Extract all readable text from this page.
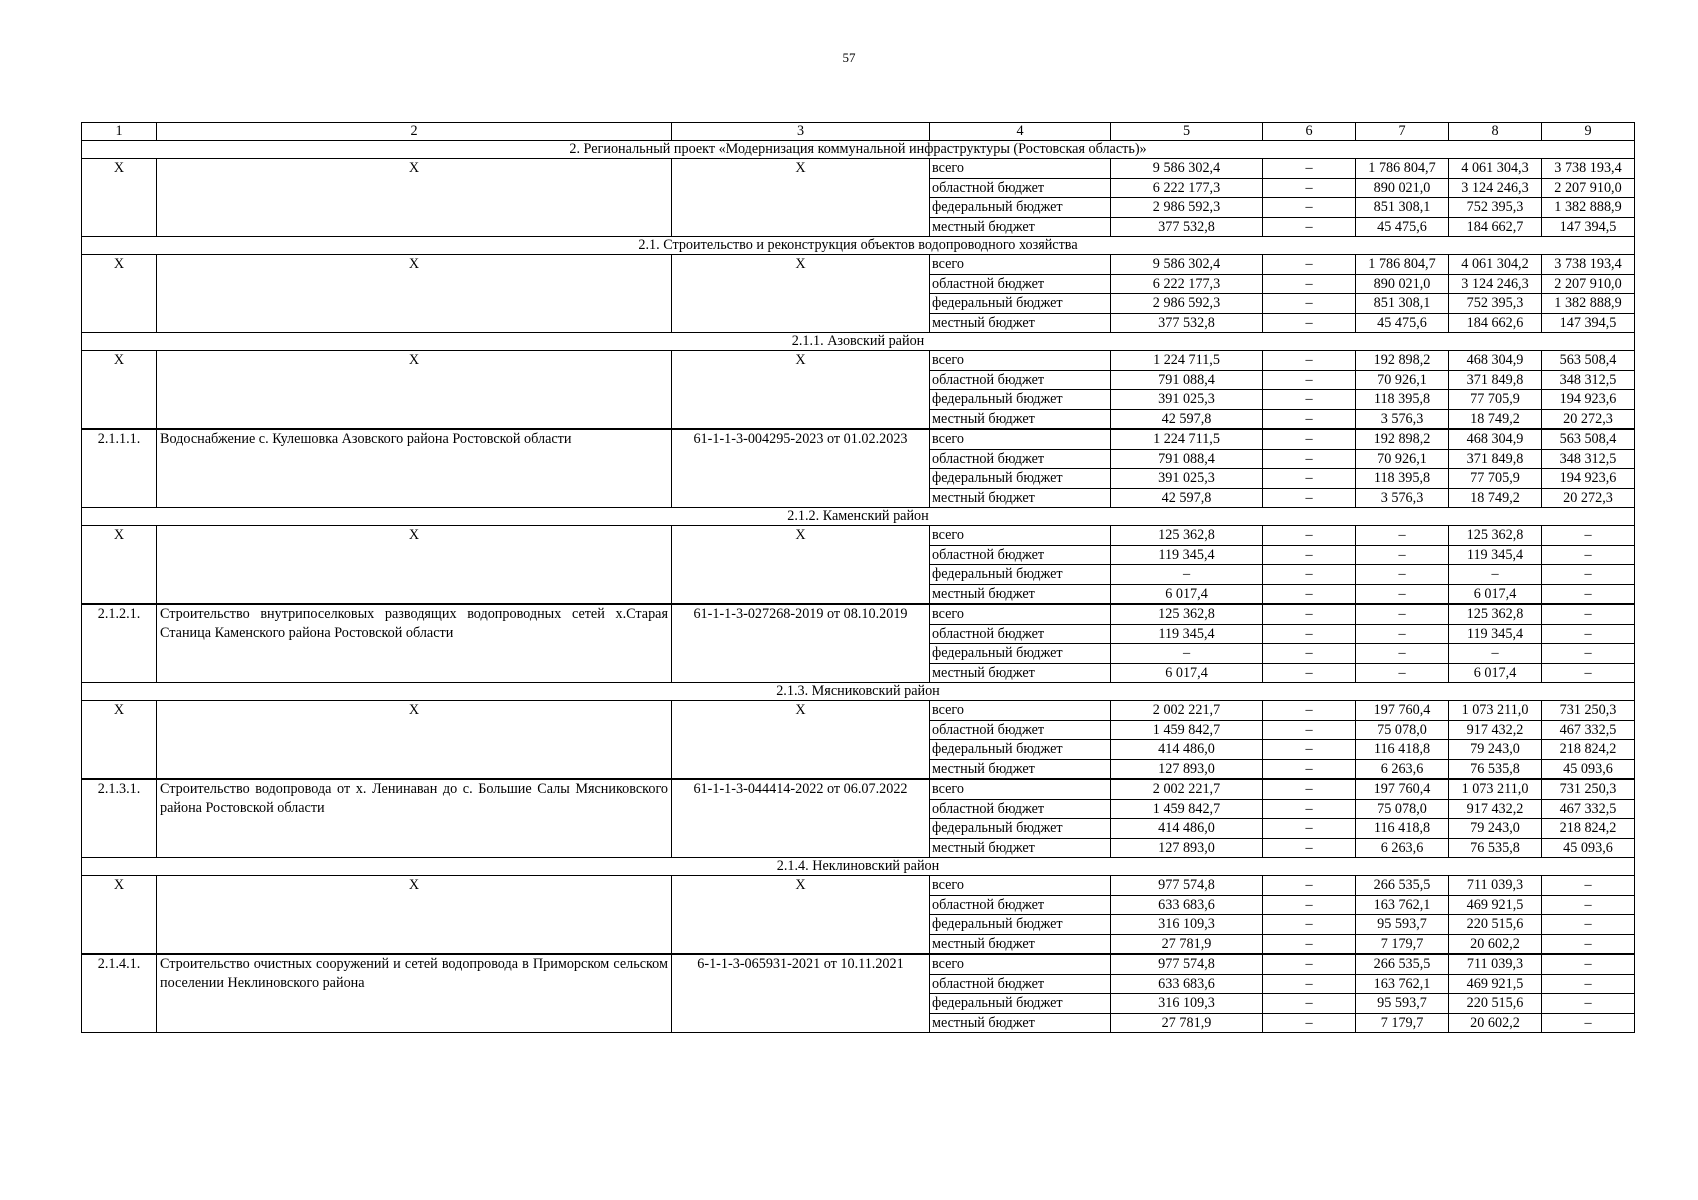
57
1	2	3	4	5	6	7	8	9
2. Региональный проект «Модернизация коммунальной инфраструктуры (Ростовская область)»								
Х	Х	Х	всего	9 586 302,4	–	1 786 804,7	4 061 304,3	3 738 193,4
			областной бюджет	6 222 177,3	–	890 021,0	3 124 246,3	2 207 910,0
			федеральный бюджет	2 986 592,3	–	851 308,1	752 395,3	1 382 888,9
			местный бюджет	377 532,8	–	45 475,6	184 662,7	147 394,5
2.1. Строительство и реконструкция объектов водопроводного хозяйства								
Х	Х	Х	всего	9 586 302,4	–	1 786 804,7	4 061 304,2	3 738 193,4
			областной бюджет	6 222 177,3	–	890 021,0	3 124 246,3	2 207 910,0
			федеральный бюджет	2 986 592,3	–	851 308,1	752 395,3	1 382 888,9
			местный бюджет	377 532,8	–	45 475,6	184 662,6	147 394,5
2.1.1. Азовский район								
Х	Х	Х	всего	1 224 711,5	–	192 898,2	468 304,9	563 508,4
			областной бюджет	791 088,4	–	70 926,1	371 849,8	348 312,5
			федеральный бюджет	391 025,3	–	118 395,8	77 705,9	194 923,6
			местный бюджет	42 597,8	–	3 576,3	18 749,2	20 272,3
2.1.1.1.	Водоснабжение с. Кулешовка Азовского района Ростовской области	61-1-1-3-004295-2023 от 01.02.2023	всего	1 224 711,5	–	192 898,2	468 304,9	563 508,4
			областной бюджет	791 088,4	–	70 926,1	371 849,8	348 312,5
			федеральный бюджет	391 025,3	–	118 395,8	77 705,9	194 923,6
			местный бюджет	42 597,8	–	3 576,3	18 749,2	20 272,3
2.1.2. Каменский район								
Х	Х	Х	всего	125 362,8	–	–	125 362,8	–
			областной бюджет	119 345,4	–	–	119 345,4	–
			федеральный бюджет	–	–	–	–	–
			местный бюджет	6 017,4	–	–	6 017,4	–
2.1.2.1.	Строительство внутрипоселковых разводящих водопроводных сетей х.Старая Станица Каменского района Ростовской области	61-1-1-3-027268-2019 от 08.10.2019	всего	125 362,8	–	–	125 362,8	–
			областной бюджет	119 345,4	–	–	119 345,4	–
			федеральный бюджет	–	–	–	–	–
			местный бюджет	6 017,4	–	–	6 017,4	–
2.1.3. Мясниковский район								
Х	Х	Х	всего	2 002 221,7	–	197 760,4	1 073 211,0	731 250,3
			областной бюджет	1 459 842,7	–	75 078,0	917 432,2	467 332,5
			федеральный бюджет	414 486,0	–	116 418,8	79 243,0	218 824,2
			местный бюджет	127 893,0	–	6 263,6	76 535,8	45 093,6
2.1.3.1.	Строительство водопровода от х. Ленинаван до с. Большие Салы Мясниковского района Ростовской области	61-1-1-3-044414-2022 от 06.07.2022	всего	2 002 221,7	–	197 760,4	1 073 211,0	731 250,3
			областной бюджет	1 459 842,7	–	75 078,0	917 432,2	467 332,5
			федеральный бюджет	414 486,0	–	116 418,8	79 243,0	218 824,2
			местный бюджет	127 893,0	–	6 263,6	76 535,8	45 093,6
2.1.4. Неклиновский район								
Х	Х	Х	всего	977 574,8	–	266 535,5	711 039,3	–
			областной бюджет	633 683,6	–	163 762,1	469 921,5	–
			федеральный бюджет	316 109,3	–	95 593,7	220 515,6	–
			местный бюджет	27 781,9	–	7 179,7	20 602,2	–
2.1.4.1.	Строительство очистных сооружений и сетей водопровода в Приморском сельском поселении Неклиновского района	6-1-1-3-065931-2021 от 10.11.2021	всего	977 574,8	–	266 535,5	711 039,3	–
			областной бюджет	633 683,6	–	163 762,1	469 921,5	–
			федеральный бюджет	316 109,3	–	95 593,7	220 515,6	–
			местный бюджет	27 781,9	–	7 179,7	20 602,2	–
